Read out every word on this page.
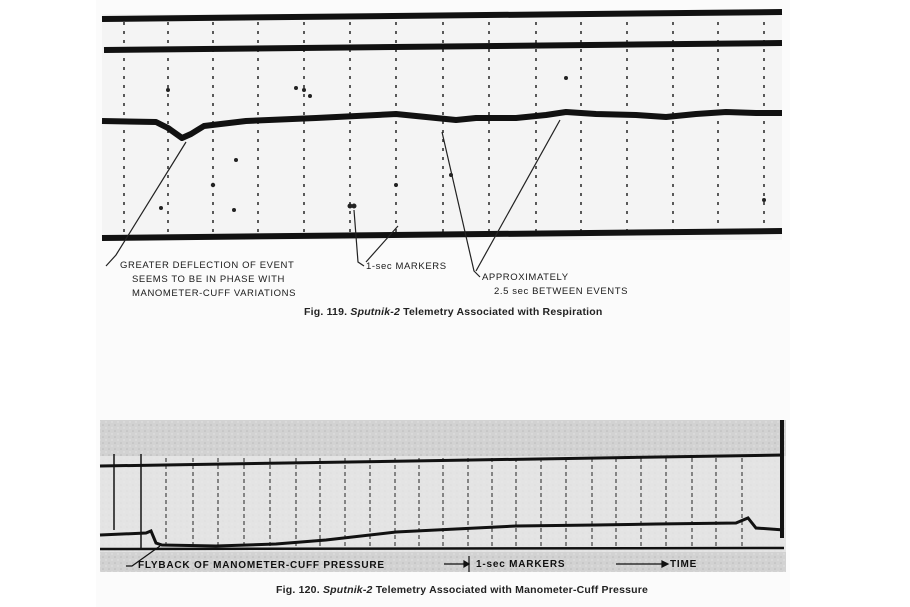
GREATER DEFLECTION OF EVENT
SEEMS TO BE IN PHASE WITH
MANOMETER-CUFF VARIATIONS
1-sec MARKERS
APPROXIMATELY
2.5 sec BETWEEN EVENTS
Fig. 119. Sputnik-2 Telemetry Associated with Respiration
FLYBACK OF MANOMETER-CUFF PRESSURE	1-sec MARKERS	TIME
Fig. 120. Sputnik-2 Telemetry Associated with Manometer-Cuff Pressure
